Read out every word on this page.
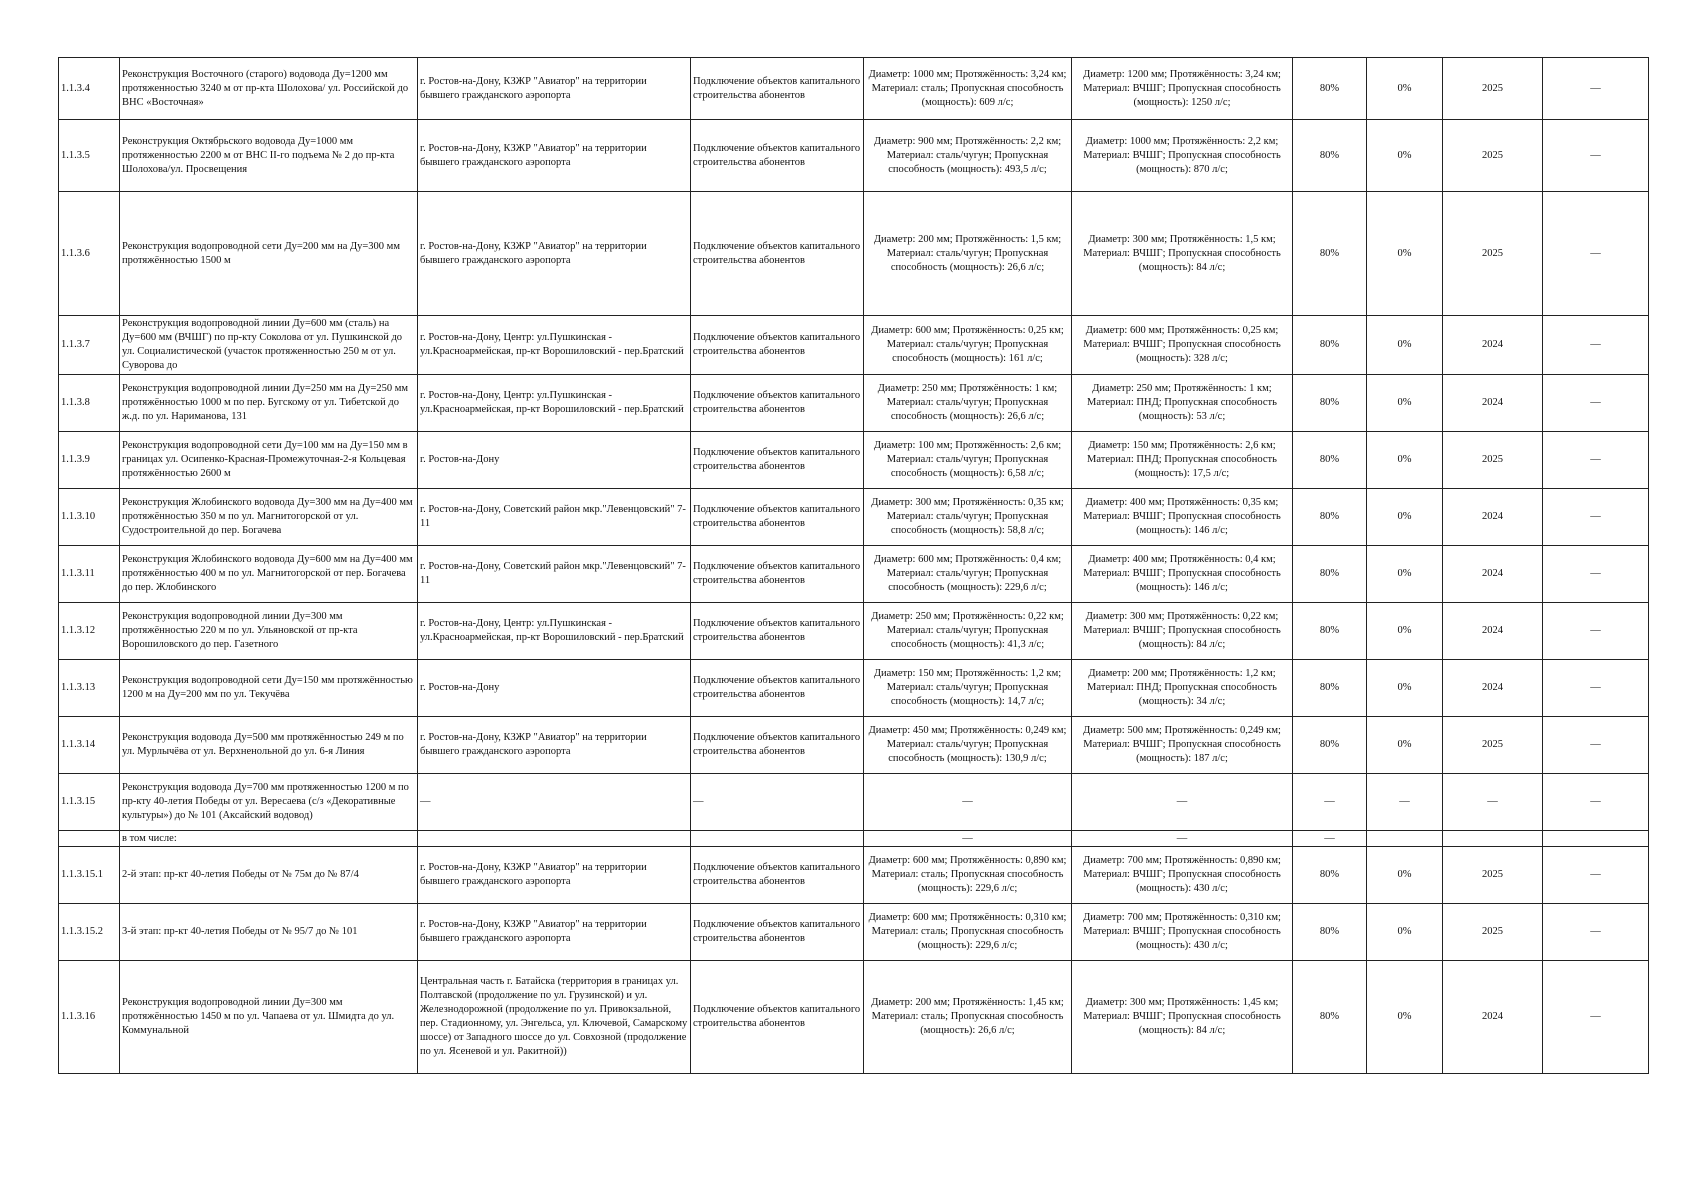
1.1.3.4	Реконструкция Восточного (старого) водовода Ду=1200 мм протяженностью 3240 м от пр-кта Шолохова/ ул. Российской до ВНС «Восточная»	г. Ростов-на-Дону, КЗЖР "Авиатор" на территории бывшего гражданского аэропорта	Подключение объектов капитального строительства абонентов	Диаметр: 1000 мм; Протяжённость: 3,24 км; Материал: сталь; Пропускная способность (мощность): 609 л/с;	Диаметр: 1200 мм; Протяжённость: 3,24 км; Материал: ВЧШГ; Пропускная способность (мощность): 1250 л/с;	80%	0%	2025	—
1.1.3.5	Реконструкция Октябрьского водовода Ду=1000 мм протяженностью 2200 м от ВНС II-го подъема № 2 до пр-кта Шолохова/ул. Просвещения	г. Ростов-на-Дону, КЗЖР "Авиатор" на территории бывшего гражданского аэропорта	Подключение объектов капитального строительства абонентов	Диаметр: 900 мм; Протяжённость: 2,2 км; Материал: сталь/чугун; Пропускная способность (мощность): 493,5 л/с;	Диаметр: 1000 мм; Протяжённость: 2,2 км; Материал: ВЧШГ; Пропускная способность (мощность): 870 л/с;	80%	0%	2025	—
1.1.3.6	Реконструкция водопроводной сети Ду=200 мм на Ду=300 мм протяжённостью 1500 м	г. Ростов-на-Дону, КЗЖР "Авиатор" на территории бывшего гражданского аэропорта	Подключение объектов капитального строительства абонентов	Диаметр: 200 мм; Протяжённость: 1,5 км; Материал: сталь/чугун; Пропускная способность (мощность): 26,6 л/с;	Диаметр: 300 мм; Протяжённость: 1,5 км; Материал: ВЧШГ; Пропускная способность (мощность): 84 л/с;	80%	0%	2025	—
1.1.3.7	Реконструкция водопроводной линии Ду=600 мм (сталь) на Ду=600 мм (ВЧШГ) по пр-кту Соколова от ул. Пушкинской до ул. Социалистической (участок протяженностью 250 м от ул. Суворова до	г. Ростов-на-Дону, Центр: ул.Пушкинская - ул.Красноармейская, пр-кт Ворошиловский - пер.Братский	Подключение объектов капитального строительства абонентов	Диаметр: 600 мм; Протяжённость: 0,25 км; Материал: сталь/чугун; Пропускная способность (мощность): 161 л/с;	Диаметр: 600 мм; Протяжённость: 0,25 км; Материал: ВЧШГ; Пропускная способность (мощность): 328 л/с;	80%	0%	2024	—
1.1.3.8	Реконструкция водопроводной линии Ду=250 мм на Ду=250 мм протяжённостью 1000 м по пер. Бугскому от ул. Тибетской до ж.д. по ул. Нариманова, 131	г. Ростов-на-Дону, Центр: ул.Пушкинская - ул.Красноармейская, пр-кт Ворошиловский - пер.Братский	Подключение объектов капитального строительства абонентов	Диаметр: 250 мм; Протяжённость: 1 км; Материал: сталь/чугун; Пропускная способность (мощность): 26,6 л/с;	Диаметр: 250 мм; Протяжённость: 1 км; Материал: ПНД; Пропускная способность (мощность): 53 л/с;	80%	0%	2024	—
1.1.3.9	Реконструкция водопроводной сети Ду=100 мм на Ду=150 мм в границах ул. Осипенко-Красная-Промежуточная-2-я Кольцевая протяжённостью 2600 м	г. Ростов-на-Дону	Подключение объектов капитального строительства абонентов	Диаметр: 100 мм; Протяжённость: 2,6 км; Материал: сталь/чугун; Пропускная способность (мощность): 6,58 л/с;	Диаметр: 150 мм; Протяжённость: 2,6 км; Материал: ПНД; Пропускная способность (мощность): 17,5 л/с;	80%	0%	2025	—
1.1.3.10	Реконструкция Жлобинского водовода Ду=300 мм на Ду=400 мм протяжённостью 350 м по ул. Магнитогорской от ул. Судостроительной до пер. Богачева	г. Ростов-на-Дону, Советский район мкр."Левенцовский" 7-11	Подключение объектов капитального строительства абонентов	Диаметр: 300 мм; Протяжённость: 0,35 км; Материал: сталь/чугун; Пропускная способность (мощность): 58,8 л/с;	Диаметр: 400 мм; Протяжённость: 0,35 км; Материал: ВЧШГ; Пропускная способность (мощность): 146 л/с;	80%	0%	2024	—
1.1.3.11	Реконструкция Жлобинского водовода Ду=600 мм на Ду=400 мм протяжённостью 400 м по ул. Магнитогорской от пер. Богачева до пер. Жлобинского	г. Ростов-на-Дону, Советский район мкр."Левенцовский" 7-11	Подключение объектов капитального строительства абонентов	Диаметр: 600 мм; Протяжённость: 0,4 км; Материал: сталь/чугун; Пропускная способность (мощность): 229,6 л/с;	Диаметр: 400 мм; Протяжённость: 0,4 км; Материал: ВЧШГ; Пропускная способность (мощность): 146 л/с;	80%	0%	2024	—
1.1.3.12	Реконструкция водопроводной линии Ду=300 мм протяжённостью 220 м по ул. Ульяновской от пр-кта Ворошиловского до пер. Газетного	г. Ростов-на-Дону, Центр: ул.Пушкинская - ул.Красноармейская, пр-кт Ворошиловский - пер.Братский	Подключение объектов капитального строительства абонентов	Диаметр: 250 мм; Протяжённость: 0,22 км; Материал: сталь/чугун; Пропускная способность (мощность): 41,3 л/с;	Диаметр: 300 мм; Протяжённость: 0,22 км; Материал: ВЧШГ; Пропускная способность (мощность): 84 л/с;	80%	0%	2024	—
1.1.3.13	Реконструкция водопроводной сети Ду=150 мм протяжённостью 1200 м на Ду=200 мм по ул. Текучёва	г. Ростов-на-Дону	Подключение объектов капитального строительства абонентов	Диаметр: 150 мм; Протяжённость: 1,2 км; Материал: сталь/чугун; Пропускная способность (мощность): 14,7 л/с;	Диаметр: 200 мм; Протяжённость: 1,2 км; Материал: ПНД; Пропускная способность (мощность): 34 л/с;	80%	0%	2024	—
1.1.3.14	Реконструкция водовода Ду=500 мм протяжённостью 249 м по ул. Мурлычёва от ул. Верхненольной до ул. 6-я Линия	г. Ростов-на-Дону, КЗЖР "Авиатор" на территории бывшего гражданского аэропорта	Подключение объектов капитального строительства абонентов	Диаметр: 450 мм; Протяжённость: 0,249 км; Материал: сталь/чугун; Пропускная способность (мощность): 130,9 л/с;	Диаметр: 500 мм; Протяжённость: 0,249 км; Материал: ВЧШГ; Пропускная способность (мощность): 187 л/с;	80%	0%	2025	—
1.1.3.15	Реконструкция водовода Ду=700 мм протяженностью 1200 м по пр-кту 40-летия Победы от ул. Вересаева (с/з «Декоративные культуры») до № 101 (Аксайский водовод)	—	—	—	—	—	—	—	—
	в том числе:			—	—	—			
1.1.3.15.1	2-й этап: пр-кт 40-летия Победы от № 75м до № 87/4	г. Ростов-на-Дону, КЗЖР "Авиатор" на территории бывшего гражданского аэропорта	Подключение объектов капитального строительства абонентов	Диаметр: 600 мм; Протяжённость: 0,890 км; Материал: сталь; Пропускная способность (мощность): 229,6 л/с;	Диаметр: 700 мм; Протяжённость: 0,890 км; Материал: ВЧШГ; Пропускная способность (мощность): 430 л/с;	80%	0%	2025	—
1.1.3.15.2	3-й этап: пр-кт 40-летия Победы от № 95/7 до № 101	г. Ростов-на-Дону, КЗЖР "Авиатор" на территории бывшего гражданского аэропорта	Подключение объектов капитального строительства абонентов	Диаметр: 600 мм; Протяжённость: 0,310 км; Материал: сталь; Пропускная способность (мощность): 229,6 л/с;	Диаметр: 700 мм; Протяжённость: 0,310 км; Материал: ВЧШГ; Пропускная способность (мощность): 430 л/с;	80%	0%	2025	—
1.1.3.16	Реконструкция водопроводной линии Ду=300 мм протяжённостью 1450 м по ул. Чапаева от ул. Шмидта до ул. Коммунальной	Центральная часть г. Батайска (территория в границах ул. Полтавской (продолжение по ул. Грузинской) и ул. Железнодорожной (продолжение по ул. Привокзальной, пер. Стадионному, ул. Энгельса, ул. Ключевой, Самарскому шоссе) от Западного шоссе до ул. Совхозной (продолжение по ул. Ясеневой и ул. Ракитной))	Подключение объектов капитального строительства абонентов	Диаметр: 200 мм; Протяжённость: 1,45 км; Материал: сталь; Пропускная способность (мощность): 26,6 л/с;	Диаметр: 300 мм; Протяжённость: 1,45 км; Материал: ВЧШГ; Пропускная способность (мощность): 84 л/с;	80%	0%	2024	—
